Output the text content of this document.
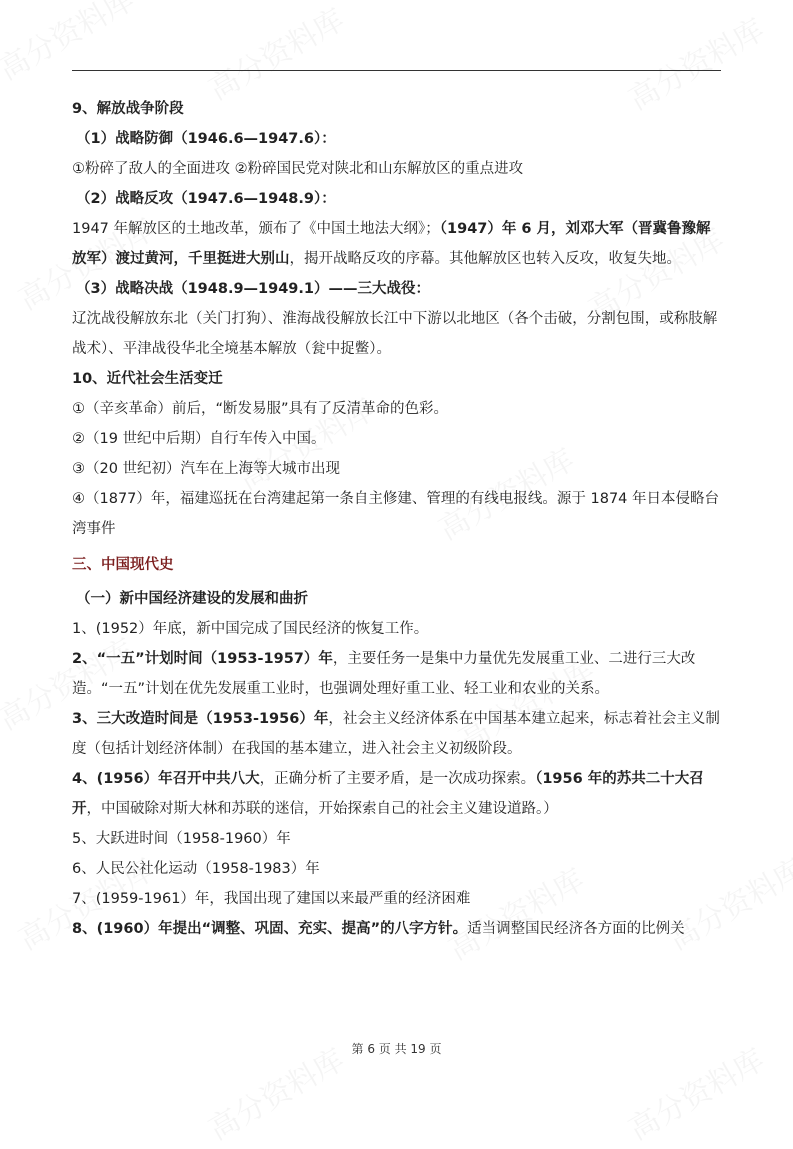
9、解放战争阶段
（1）战略防御（1946.6—1947.6）：
①粉碎了敌人的全面进攻 ②粉碎国民党对陕北和山东解放区的重点进攻
（2）战略反攻（1947.6—1948.9）：
1947 年解放区的土地改革，颁布了《中国土地法大纲》；（1947）年 6 月，刘邓大军（晋冀鲁豫解放军）渡过黄河，千里挺进大别山，揭开战略反攻的序幕。其他解放区也转入反攻，收复失地。
（3）战略决战（1948.9—1949.1）——三大战役：
辽沈战役解放东北（关门打狗）、淮海战役解放长江中下游以北地区（各个击破，分割包围，或称肢解战术）、平津战役华北全境基本解放（瓮中捉鳖）。
10、近代社会生活变迁
①（辛亥革命）前后，“断发易服”具有了反清革命的色彩。
②（19 世纪中后期）自行车传入中国。
③（20 世纪初）汽车在上海等大城市出现
④（1877）年，福建巡抚在台湾建起第一条自主修建、管理的有线电报线。源于 1874 年日本侵略台湾事件
三、中国现代史
（一）新中国经济建设的发展和曲折
1、(1952）年底，新中国完成了国民经济的恢复工作。
2、“一五”计划时间（1953-1957）年，主要任务一是集中力量优先发展重工业、二进行三大改造。“一五”计划在优先发展重工业时，也强调处理好重工业、轻工业和农业的关系。
3、三大改造时间是（1953-1956）年，社会主义经济体系在中国基本建立起来，标志着社会主义制度（包括计划经济体制）在我国的基本建立，进入社会主义初级阶段。
4、(1956）年召开中共八大，正确分析了主要矛盾，是一次成功探索。（1956 年的苏共二十大召开，中国破除对斯大林和苏联的迷信，开始探索自己的社会主义建设道路。）
5、大跃进时间（1958-1960）年
6、人民公社化运动（1958-1983）年
7、(1959-1961）年，我国出现了建国以来最严重的经济困难
8、(1960）年提出“调整、巩固、充实、提高”的八字方针。适当调整国民经济各方面的比例关
第 6 页 共 19 页
